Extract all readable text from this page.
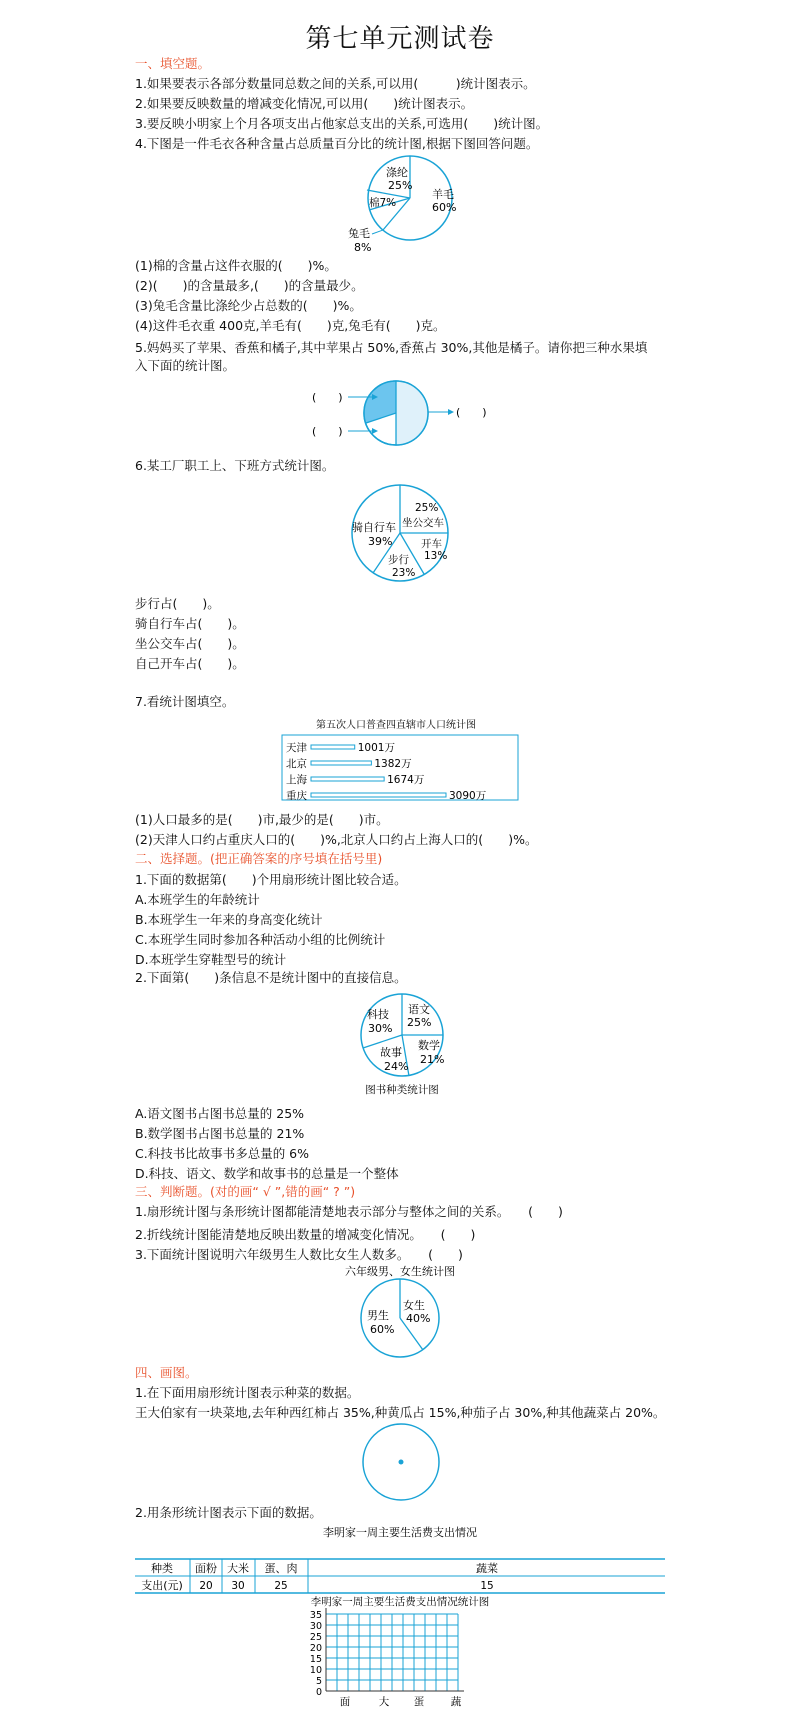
第七单元测试卷
一、填空题。
1.如果要表示各部分数量同总数之间的关系,可以用(　　　)统计图表示。
2.如果要反映数量的增减变化情况,可以用(　　)统计图表示。
3.要反映小明家上个月各项支出占他家总支出的关系,可选用(　　)统计图。
4.下图是一件毛衣各种含量占总质量百分比的统计图,根据下图回答问题。
羊毛
60%
涤纶
25%
棉7%
兔毛
8%
(1)棉的含量占这件衣服的(　　)%。
(2)(　　)的含量最多,(　　)的含量最少。
(3)兔毛含量比涤纶少占总数的(　　)%。
(4)这件毛衣重 400克,羊毛有(　　)克,兔毛有(　　)克。
5.妈妈买了苹果、香蕉和橘子,其中苹果占 50%,香蕉占 30%,其他是橘子。请你把三种水果填
入下面的统计图。
(　　)
(　　)
(　　)
6.某工厂职工上、下班方式统计图。
骑自行车
39%
25%
坐公交车
开车
13%
步行
23%
步行占(　　)。
骑自行车占(　　)。
坐公交车占(　　)。
自己开车占(　　)。
7.看统计图填空。
第五次人口普查四直辖市人口统计图
天津	1001万
北京	1382万
上海	1674万
重庆	3090万
(1)人口最多的是(　　)市,最少的是(　　)市。
(2)天津人口约占重庆人口的(　　)%,北京人口约占上海人口的(　　)%。
二、选择题。(把正确答案的序号填在括号里)
1.下面的数据第(　　)个用扇形统计图比较合适。
A.本班学生的年龄统计
B.本班学生一年来的身高变化统计
C.本班学生同时参加各种活动小组的比例统计
D.本班学生穿鞋型号的统计
2.下面第(　　)条信息不是统计图中的直接信息。
科技
30%
语文
25%
数学
21%
故事
24%
图书种类统计图
A.语文图书占图书总量的 25%
B.数学图书占图书总量的 21%
C.科技书比故事书多总量的 6%
D.科技、语文、数学和故事书的总量是一个整体
三、判断题。(对的画“ √ ”,错的画“ ? ”)
1.扇形统计图与条形统计图都能清楚地表示部分与整体之间的关系。　　(　　)
2.折线统计图能清楚地反映出数量的增减变化情况。　　(　　)
3.下面统计图说明六年级男生人数比女生人数多。　　(　　)
六年级男、女生统计图
男生
60%
女生
40%
四、画图。
1.在下面用扇形统计图表示种菜的数据。
王大伯家有一块菜地,去年种西红柿占 35%,种黄瓜占 15%,种茄子占 30%,种其他蔬菜占 20%。
2.用条形统计图表示下面的数据。
李明家一周主要生活费支出情况
种类 面粉 大米 蛋、肉	蔬菜
支出(元) 20 30	25	15
李明家一周主要生活费支出情况统计图
35
30
25
20
15
10
5
0
面	大 蛋	蔬
